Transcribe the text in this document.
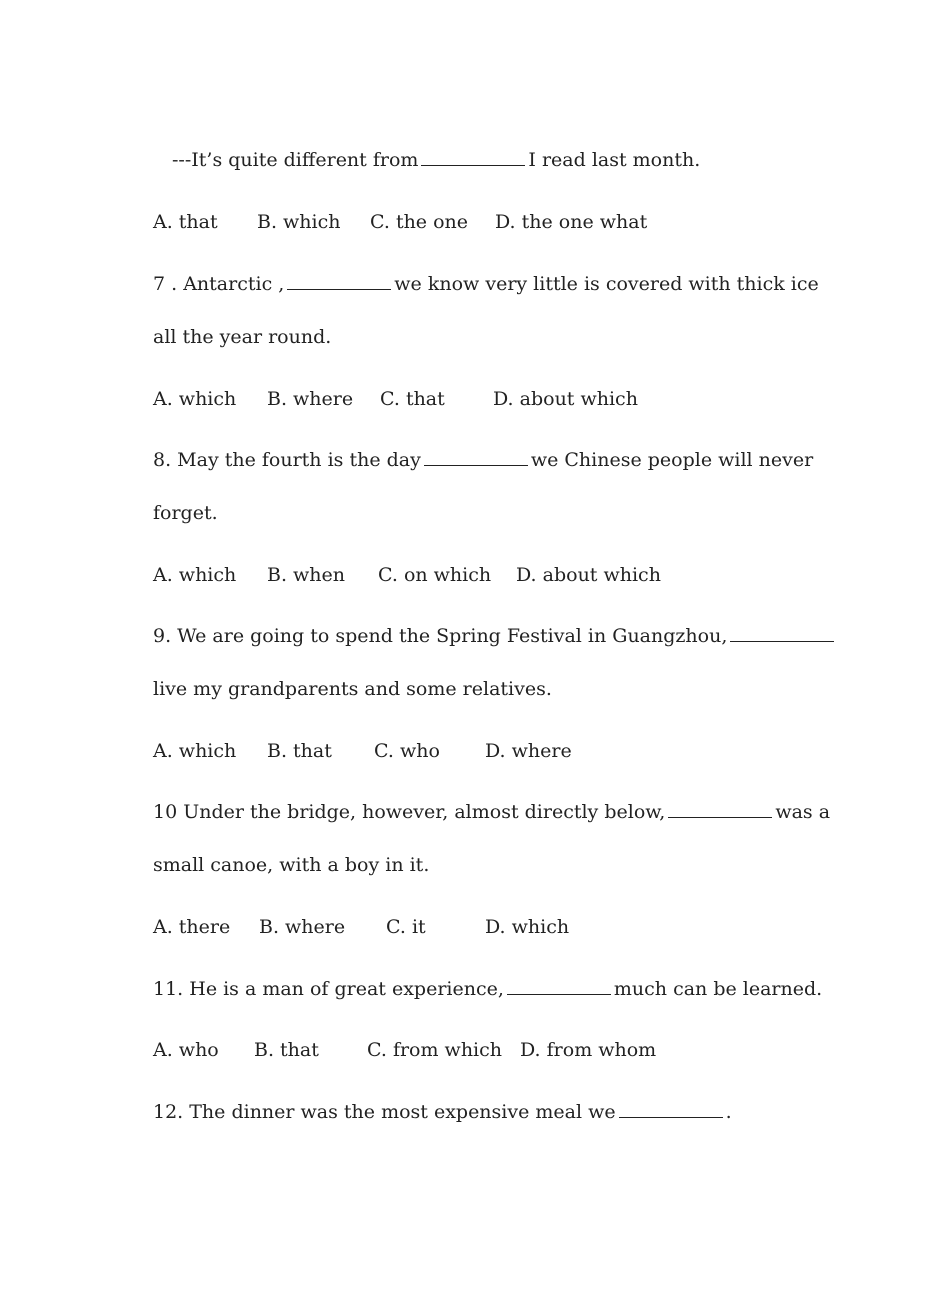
---It’s quite different from	I read last month.
A. that B. which C. the one D. the one what
7 . Antarctic ,	we know very little is covered with thick ice
all the year round.
A. which B. where C. that	D. about which
8. May the fourth is the day	we Chinese people will never
forget.
A. which B. when C. on which D. about which
9. We are going to spend the Spring Festival in Guangzhou,
live my grandparents and some relatives.
A. which B. that C. who D. where
10 Under the bridge, however, almost directly below,	was a
small canoe, with a boy in it.
A. there B. where C. it	D. which
11. He is a man of great experience,	much can be learned.
A. who B. that	C. from which D. from whom
12. The dinner was the most expensive meal we	.
